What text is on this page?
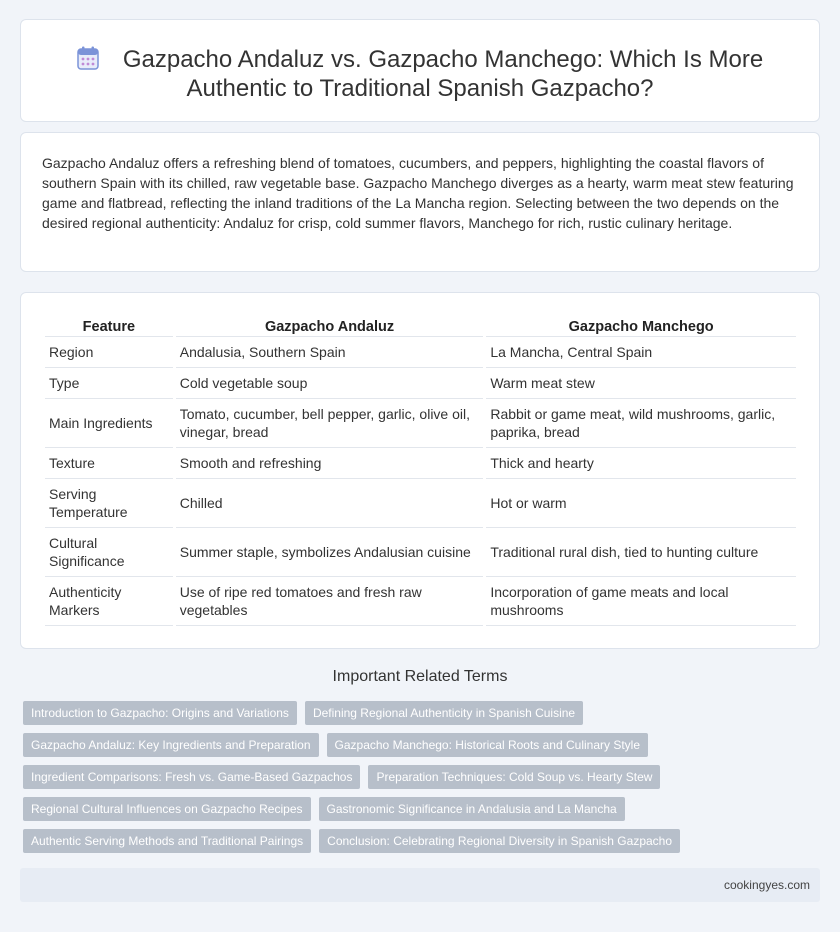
Gazpacho Andaluz vs. Gazpacho Manchego: Which Is More
Authentic to Traditional Spanish Gazpacho?

Gazpacho Andaluz offers a refreshing blend of tomatoes, cucumbers, and peppers, highlighting the coastal flavors of southern Spain with its chilled, raw vegetable base. Gazpacho Manchego diverges as a hearty, warm meat stew featuring game and flatbread, reflecting the inland traditions of the La Mancha region. Selecting between the two depends on the desired regional authenticity: Andaluz for crisp, cold summer flavors, Manchego for rich, rustic culinary heritage.

Feature	Gazpacho Andaluz	Gazpacho Manchego
Region	Andalusia, Southern Spain	La Mancha, Central Spain
Type	Cold vegetable soup	Warm meat stew
Main Ingredients	Tomato, cucumber, bell pepper, garlic, olive oil, vinegar, bread	Rabbit or game meat, wild mushrooms, garlic, paprika, bread
Texture	Smooth and refreshing	Thick and hearty
Serving Temperature	Chilled	Hot or warm
Cultural Significance	Summer staple, symbolizes Andalusian cuisine	Traditional rural dish, tied to hunting culture
Authenticity Markers	Use of ripe red tomatoes and fresh raw vegetables	Incorporation of game meats and local mushrooms
Important Related Terms
Introduction to Gazpacho: Origins and Variations	Defining Regional Authenticity in Spanish Cuisine
Gazpacho Andaluz: Key Ingredients and Preparation	Gazpacho Manchego: Historical Roots and Culinary Style
Ingredient Comparisons: Fresh vs. Game-Based Gazpachos	Preparation Techniques: Cold Soup vs. Hearty Stew
Regional Cultural Influences on Gazpacho Recipes	Gastronomic Significance in Andalusia and La Mancha
Authentic Serving Methods and Traditional Pairings	Conclusion: Celebrating Regional Diversity in Spanish Gazpacho
cookingyes.com
